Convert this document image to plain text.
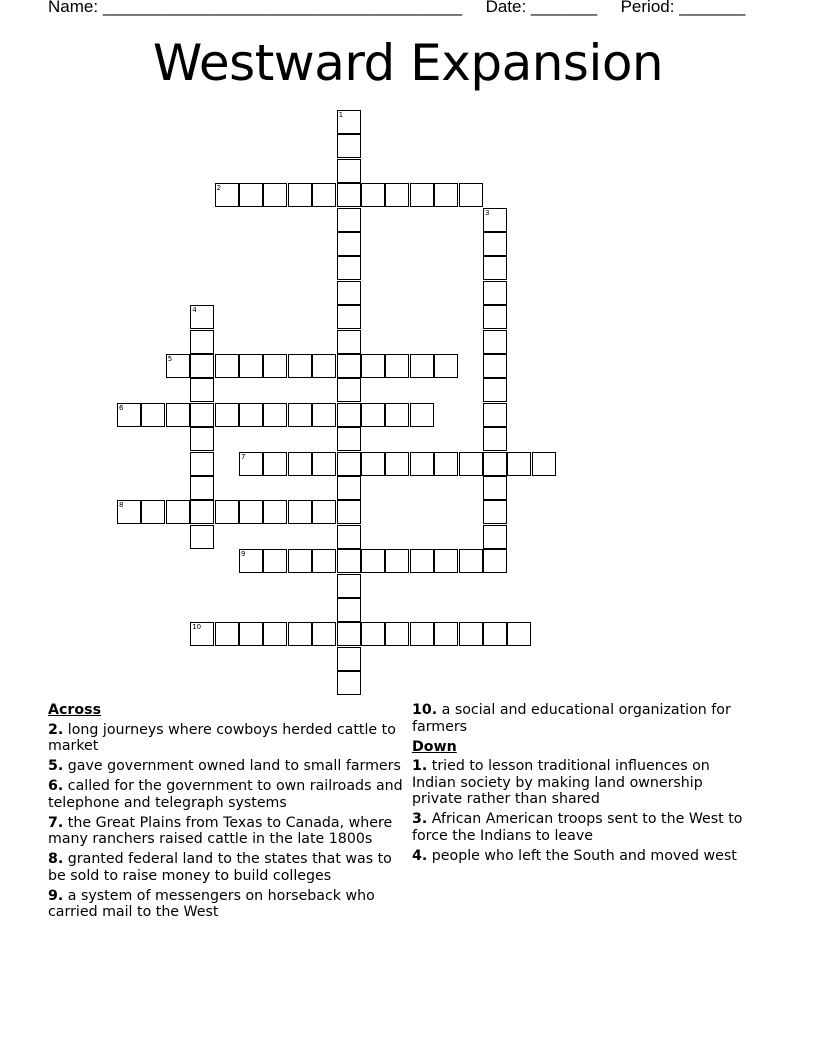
Name: ______________________________________ Date: _______ Period: _______
Westward Expansion
1
2
3
4
5
6
7
8
9
10
Across
2. long journeys where cowboys herded cattle to market
5. gave government owned land to small farmers
6. called for the government to own railroads and telephone and telegraph systems
7. the Great Plains from Texas to Canada, where many ranchers raised cattle in the late 1800s
8. granted federal land to the states that was to be sold to raise money to build colleges
9. a system of messengers on horseback who carried mail to the West
10. a social and educational organization for farmers
Down
1. tried to lesson traditional influences on Indian society by making land ownership private rather than shared
3. African American troops sent to the West to force the Indians to leave
4. people who left the South and moved west
